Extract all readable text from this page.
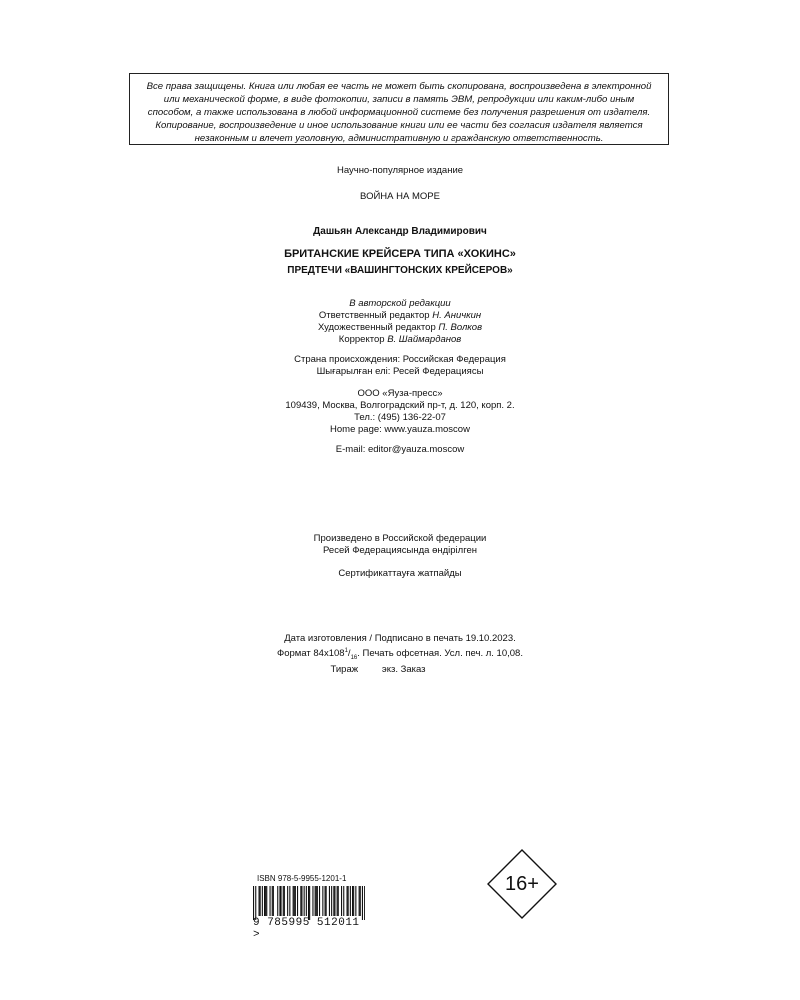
Все права защищены. Книга или любая ее часть не может быть скопирована, воспроизведена в электронной
или механической форме, в виде фотокопии, записи в память ЭВМ, репродукции или каким-либо иным
способом, а также использована в любой информационной системе без получения разрешения от издателя.
Копирование, воспроизведение и иное использование книги или ее части без согласия издателя является
незаконным и влечет уголовную, административную и гражданскую ответственность.

Научно-популярное издание
ВОЙНА НА МОРЕ
Дашьян Александр Владимирович
БРИТАНСКИЕ КРЕЙСЕРА ТИПА «ХОКИНС»
ПРЕДТЕЧИ «ВАШИНГТОНСКИХ КРЕЙСЕРОВ»
В авторской редакции
Ответственный редактор Н. Аничкин
Художественный редактор П. Волков
Корректор В. Шаймарданов
Страна происхождения: Российская Федерация
Шығарылған елі: Ресей Федерациясы
ООО «Яуза-пресс»
109439, Москва, Волгоградский пр-т, д. 120, корп. 2.
Тел.: (495) 136-22-07
Home page: www.yauza.moscow
E-mail: editor@yauza.moscow
Произведено в Российской федерации
Ресей Федерациясында өндірілген
Сертификаттауға жатпайды
Дата изготовления / Подписано в печать 19.10.2023.
Формат $84x108^1/_{16}$. Печать офсетная. Усл. печ. л. 10,08.
Тираж	экз. Заказ
ISBN 978-5-9955-1201-1
9 785995 512011 >
16+
